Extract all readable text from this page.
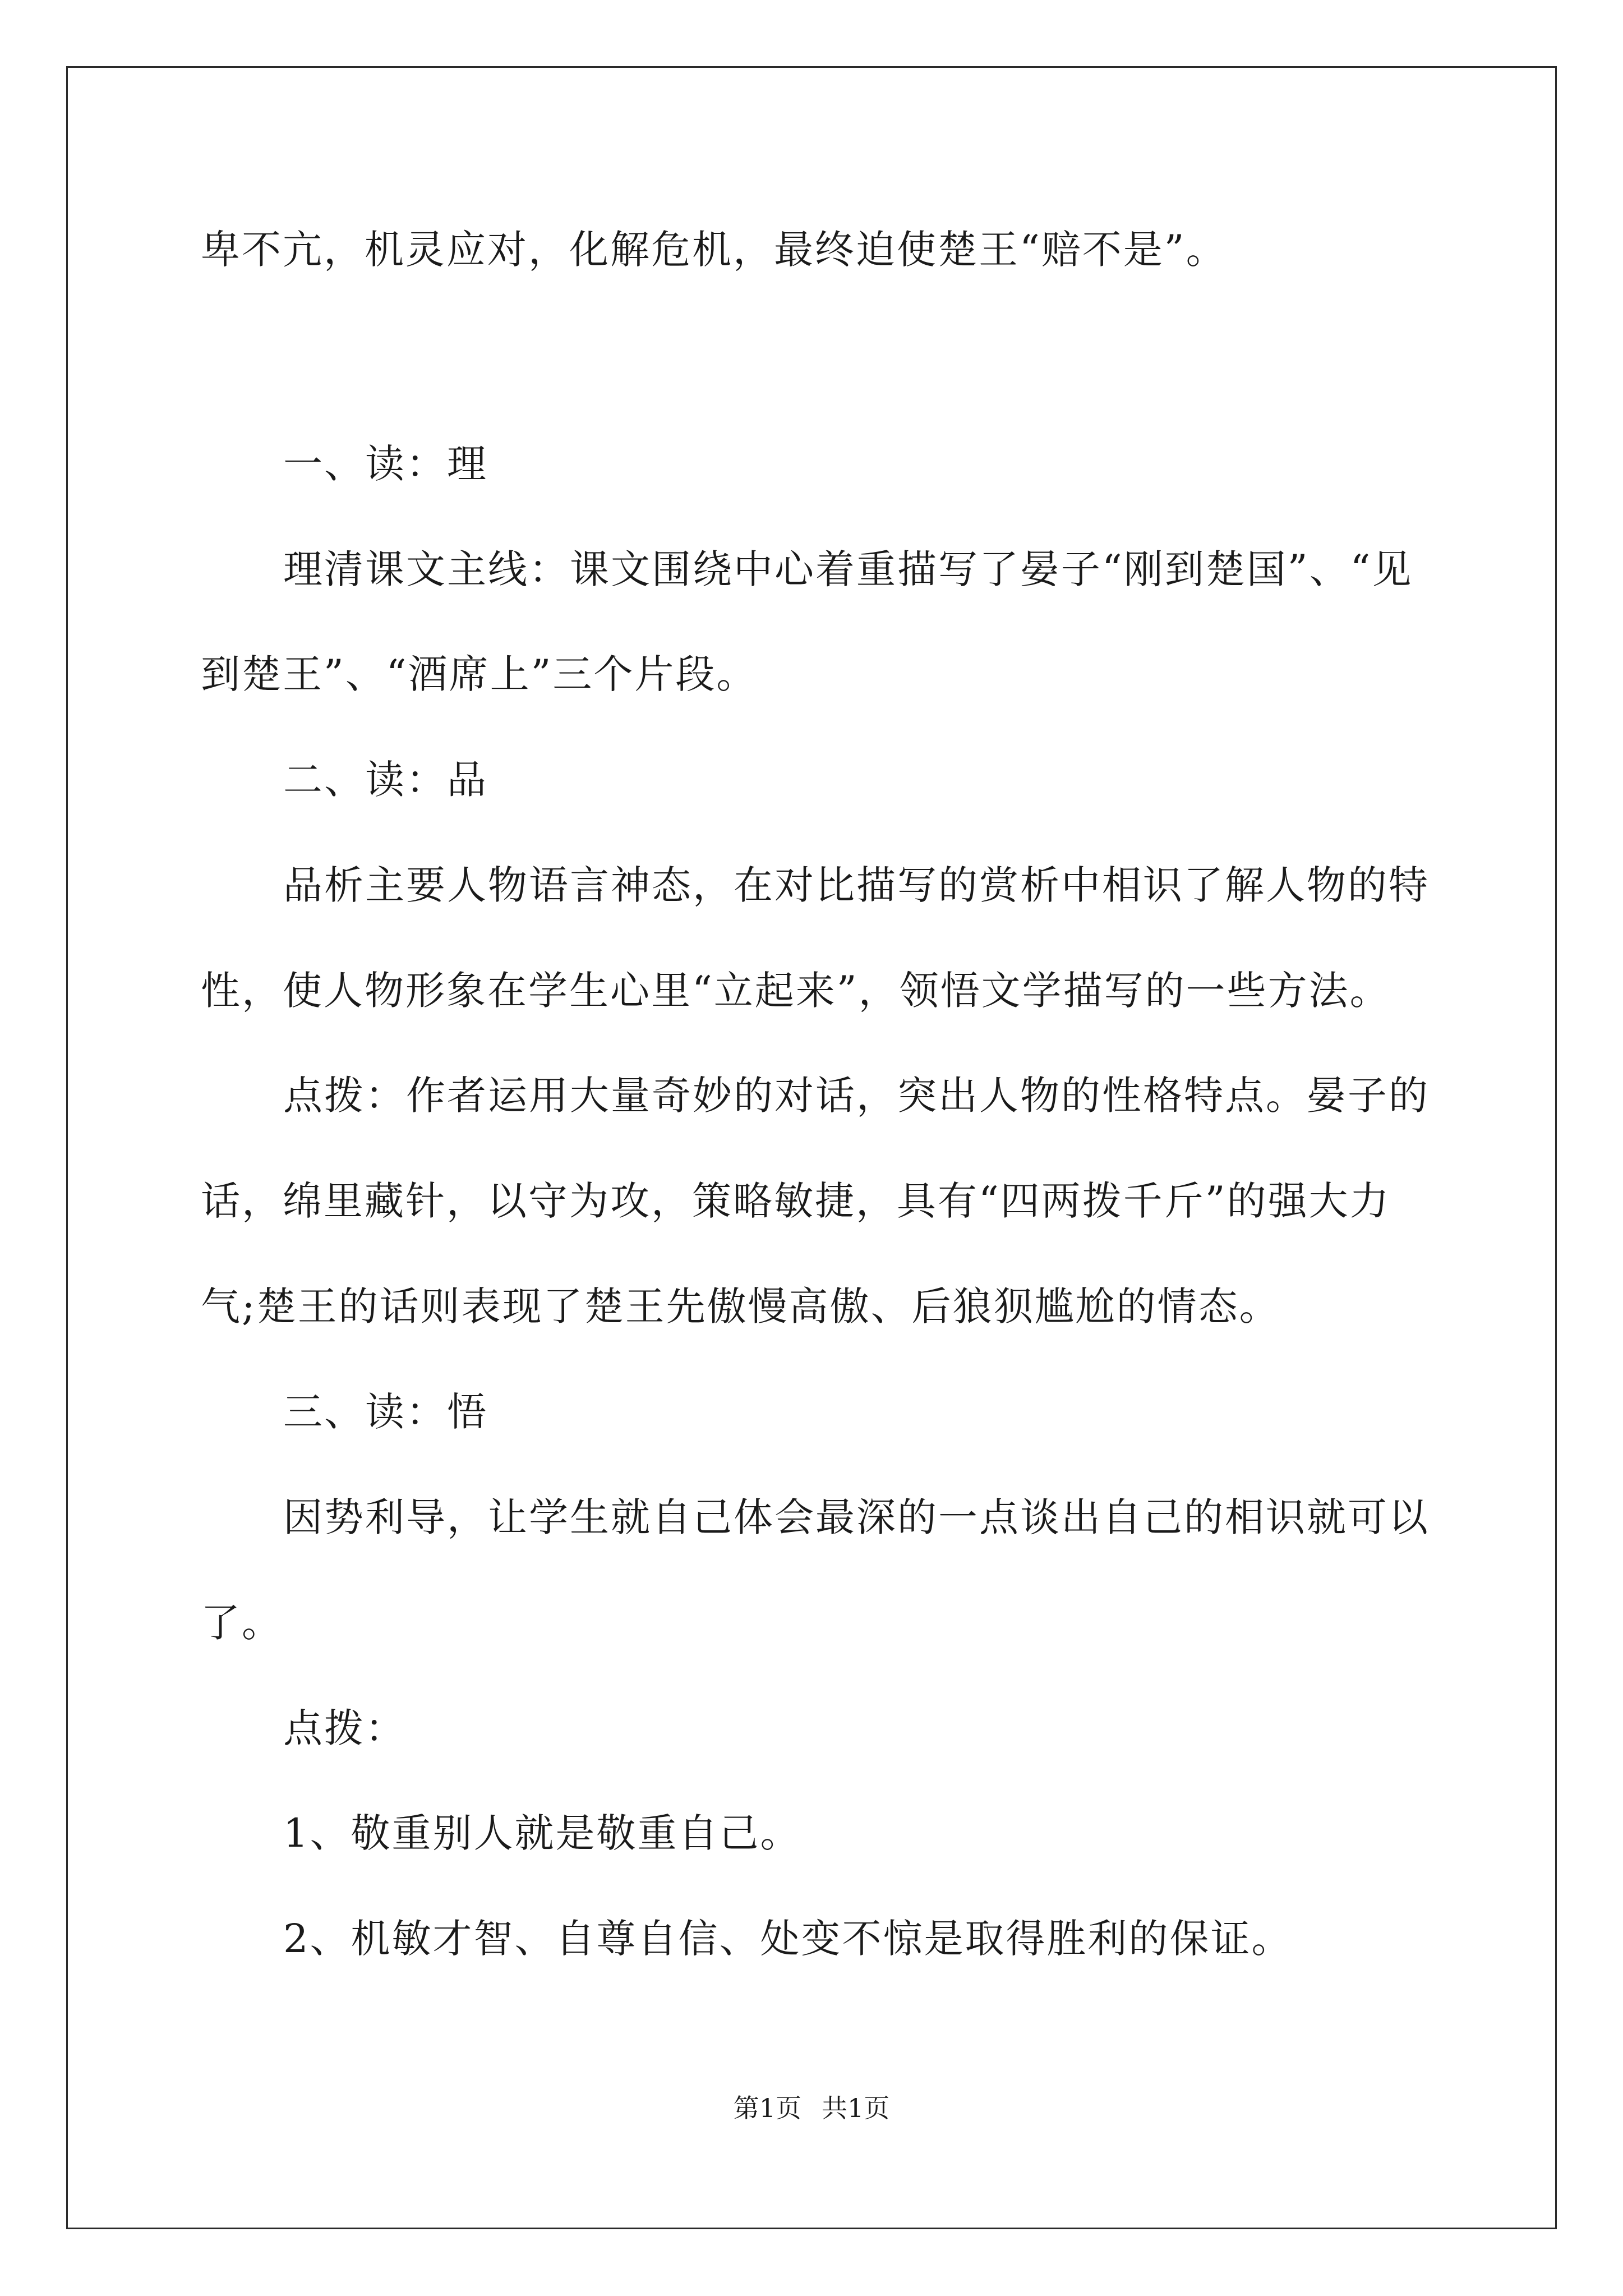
卑不亢，机灵应对，化解危机，最终迫使楚王“赔不是”。
一、读：理
理清课文主线：课文围绕中心着重描写了晏子“刚到楚国”、“见
到楚王”、“酒席上”三个片段。
二、读：品
品析主要人物语言神态，在对比描写的赏析中相识了解人物的特
性，使人物形象在学生心里“立起来”，领悟文学描写的一些方法。
点拨：作者运用大量奇妙的对话，突出人物的性格特点。晏子的
话，绵里藏针，以守为攻，策略敏捷，具有“四两拨千斤”的强大力
气;楚王的话则表现了楚王先傲慢高傲、后狼狈尴尬的情态。
三、读：悟
因势利导，让学生就自己体会最深的一点谈出自己的相识就可以
了。
点拨：
1、敬重别人就是敬重自己。
2、机敏才智、自尊自信、处变不惊是取得胜利的保证。
第1页 共1页
